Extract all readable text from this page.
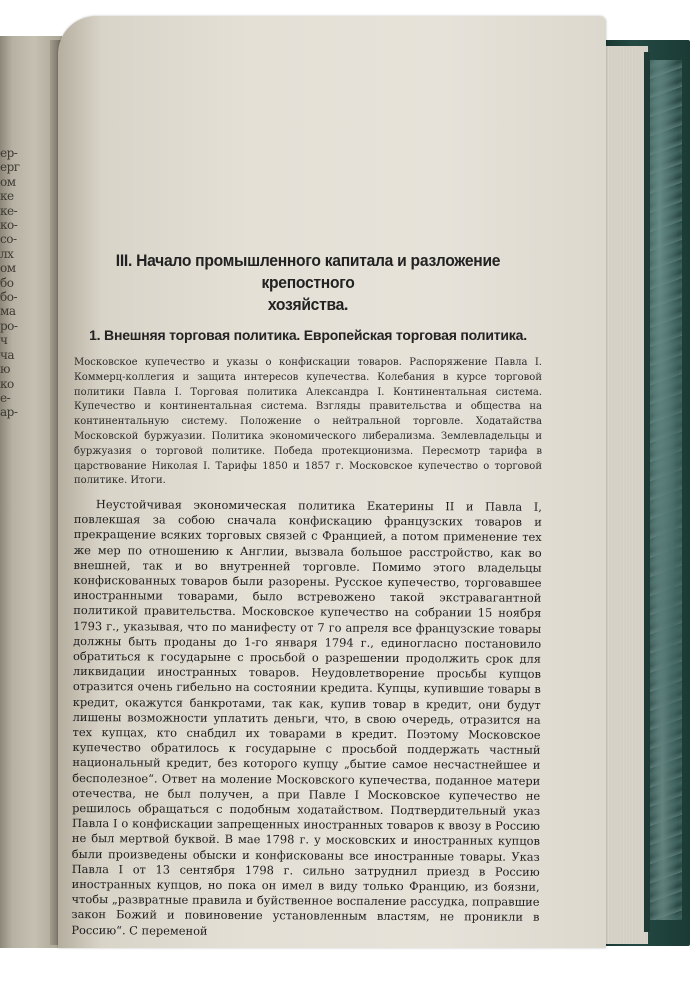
ер-
ерг
ом
ке
ке-
ко-
со-
лх
ом
бо
бо-
ма
ро-
ч
ча
ю
ко
е-
ар-

III. Начало промышленного капитала и разложение крепостного
хозяйства.

1. Внешняя торговая политика. Европейская торговая политика.

Московское купечество и указы о конфискации товаров. Распоряжение Павла I. Коммерц-коллегия и защита интересов купечества. Колебания в курсе торговой политики Павла I. Торговая политика Александра I. Континентальная система. Купечество и континентальная система. Взгляды правительства и общества на континентальную систему. Положение о нейтральной торговле. Ходатайства Московской буржуазии. Политика экономического либерализма. Землевладельцы и буржуазия о торговой политике. Победа протекционизма. Пересмотр тарифа в царствование Николая I. Тарифы 1850 и 1857 г. Московское купечество о торговой политике. Итоги.

Неустойчивая экономическая политика Екатерины II и Павла I, повлекшая за собою сначала конфискацию французских товаров и прекращение всяких торговых связей с Францией, а потом применение тех же мер по отношению к Англии, вызвала большое расстройство, как во внешней, так и во внутренней торговле. Помимо этого владельцы конфискованных товаров были разорены. Русское купечество, торговавшее иностранными товарами, было встревожено такой экстравагантной политикой правительства. Московское купечество на собрании 15 ноября 1793 г., указывая, что по манифесту от 7 го апреля все французские товары должны быть проданы до 1-го января 1794 г., единогласно постановило обратиться к государыне с просьбой о разрешении продолжить срок для ликвидации иностранных товаров. Неудовлетворение просьбы купцов отразится очень гибельно на состоянии кредита. Купцы, купившие товары в кредит, окажутся банкротами, так как, купив товар в кредит, они будут лишены возможности уплатить деньги, что, в свою очередь, отразится на тех купцах, кто снабдил их товарами в кредит. Поэтому Московское купечество обратилось к государыне с просьбой поддержать частный национальный кредит, без которого купцу „бытие самое несчастнейшее и бесполезное“. Ответ на моление Московского купечества, поданное матери отечества, не был получен, а при Павле I Московское купечество не решилось обращаться с подобным ходатайством. Подтвердительный указ Павла I о конфискации запрещенных иностранных товаров к ввозу в Россию не был мертвой буквой. В мае 1798 г. у московских и иностранных купцов были произведены обыски и конфискованы все иностранные товары. Указ Павла I от 13 сентября 1798 г. сильно затруднил приезд в Россию иностранных купцов, но пока он имел в виду только Францию, из боязни, чтобы „развратные правила и буйственное воспаление рассудка, поправшие закон Божий и повиновение установленным властям, не проникли в Россию“. С переменой
